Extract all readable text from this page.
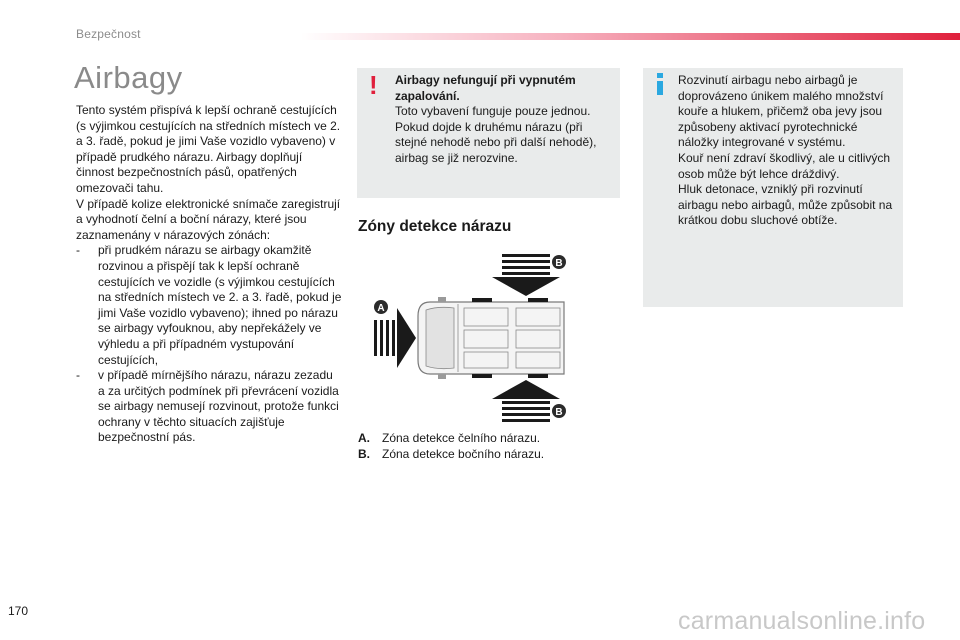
Bezpečnost
Airbagy

Tento systém přispívá k lepší ochraně cestujících (s výjimkou cestujících na středních místech ve 2. a 3. řadě, pokud je jimi Vaše vozidlo vybaveno) v případě prudkého nárazu. Airbagy doplňují činnost bezpečnostních pásů, opatřených omezovači tahu.

V případě kolize elektronické snímače zaregistrují a vyhodnotí čelní a boční nárazy, které jsou zaznamenány v nárazových zónách:

-	při prudkém nárazu se airbagy okamžitě rozvinou a přispějí tak k lepší ochraně cestujících ve vozidle (s výjimkou cestujících na středních místech ve 2. a 3. řadě, pokud je jimi Vaše vozidlo vybaveno); ihned po nárazu se airbagy vyfouknou, aby nepřekážely ve výhledu a při případném vystupování cestujících,
-	v případě mírnějšího nárazu, nárazu zezadu a za určitých podmínek při převrácení vozidla se airbagy nemusejí rozvinout, protože funkci ochrany v těchto situacích zajišťuje bezpečnostní pás.
! Airbagy nefungují při vypnutém zapalování.
Toto vybavení funguje pouze jednou.
Pokud dojde k druhému nárazu (při stejné nehodě nebo při další nehodě), airbag se již nerozvine.
Zóny detekce nárazu
B
A
B
A.	Zóna detekce čelního nárazu.
B.	Zóna detekce bočního nárazu.
Rozvinutí airbagu nebo airbagů je doprovázeno únikem malého množství kouře a hlukem, přičemž oba jevy jsou způsobeny aktivací pyrotechnické náložky integrované v systému.
Kouř není zdraví škodlivý, ale u citlivých osob může být lehce dráždivý.
Hluk detonace, vzniklý při rozvinutí airbagu nebo airbagů, může způsobit na krátkou dobu sluchové obtíže.
170	carmanualsonline.info
